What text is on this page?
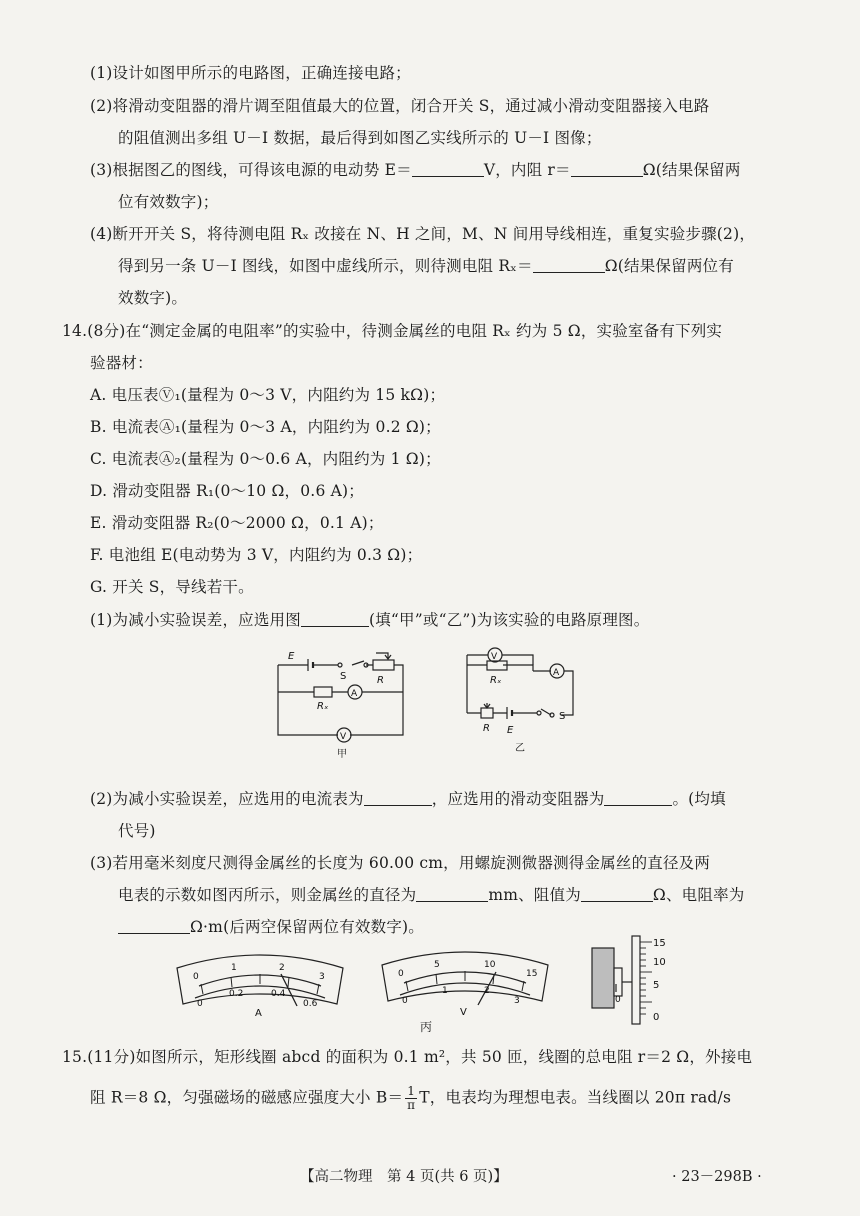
(1)设计如图甲所示的电路图，正确连接电路；
(2)将滑动变阻器的滑片调至阻值最大的位置，闭合开关 S，通过减小滑动变阻器接入电路
的阻值测出多组 U－I 数据，最后得到如图乙实线所示的 U－I 图像；
(3)根据图乙的图线，可得该电源的电动势 E＝	V，内阻 r＝	Ω(结果保留两
位有效数字)；
(4)断开开关 S，将待测电阻 Rₓ 改接在 N、H 之间，M、N 间用导线相连，重复实验步骤(2)，
得到另一条 U－I 图线，如图中虚线所示，则待测电阻 Rₓ＝	Ω(结果保留两位有
效数字)。
14.(8分)在“测定金属的电阻率”的实验中，待测金属丝的电阻 Rₓ 约为 5 Ω，实验室备有下列实
验器材：
A. 电压表Ⓥ₁(量程为 0～3 V，内阻约为 15 kΩ)；
B. 电流表Ⓐ₁(量程为 0～3 A，内阻约为 0.2 Ω)；
C. 电流表Ⓐ₂(量程为 0～0.6 A，内阻约为 1 Ω)；
D. 滑动变阻器 R₁(0～10 Ω，0.6 A)；
E. 滑动变阻器 R₂(0～2000 Ω，0.1 A)；
F. 电池组 E(电动势为 3 V，内阻约为 0.3 Ω)；
G. 开关 S，导线若干。
(1)为减小实验误差，应选用图	(填“甲”或“乙”)为该实验的电路原理图。
E
S	R
Rₓ
A
V
甲
V
Rₓ
A
R E
S
乙
(2)为减小实验误差，应选用的电流表为	，应选用的滑动变阻器为	。(均填
代号)
(3)若用毫米刻度尺测得金属丝的长度为 60.00 cm，用螺旋测微器测得金属丝的直径及两
电表的示数如图丙所示，则金属丝的直径为	mm、阻值为	Ω、电阻率为
Ω·m(后两空保留两位有效数字)。
0
1	2
3
0
0.2	0.4
0.6
A
0
5	10
15
0
1	2
3
V
丙
15
10
5
0
0
15.(11分)如图所示，矩形线圈 abcd 的面积为 0.1 m²，共 50 匝，线圈的总电阻 r＝2 Ω，外接电
阻 R＝8 Ω，匀强磁场的磁感应强度大小 $B= \frac{1}{\pi}$ T，电表均为理想电表。当线圈以 20π rad/s
【高二物理　第 4 页(共 6 页)】	· 23－298B ·
